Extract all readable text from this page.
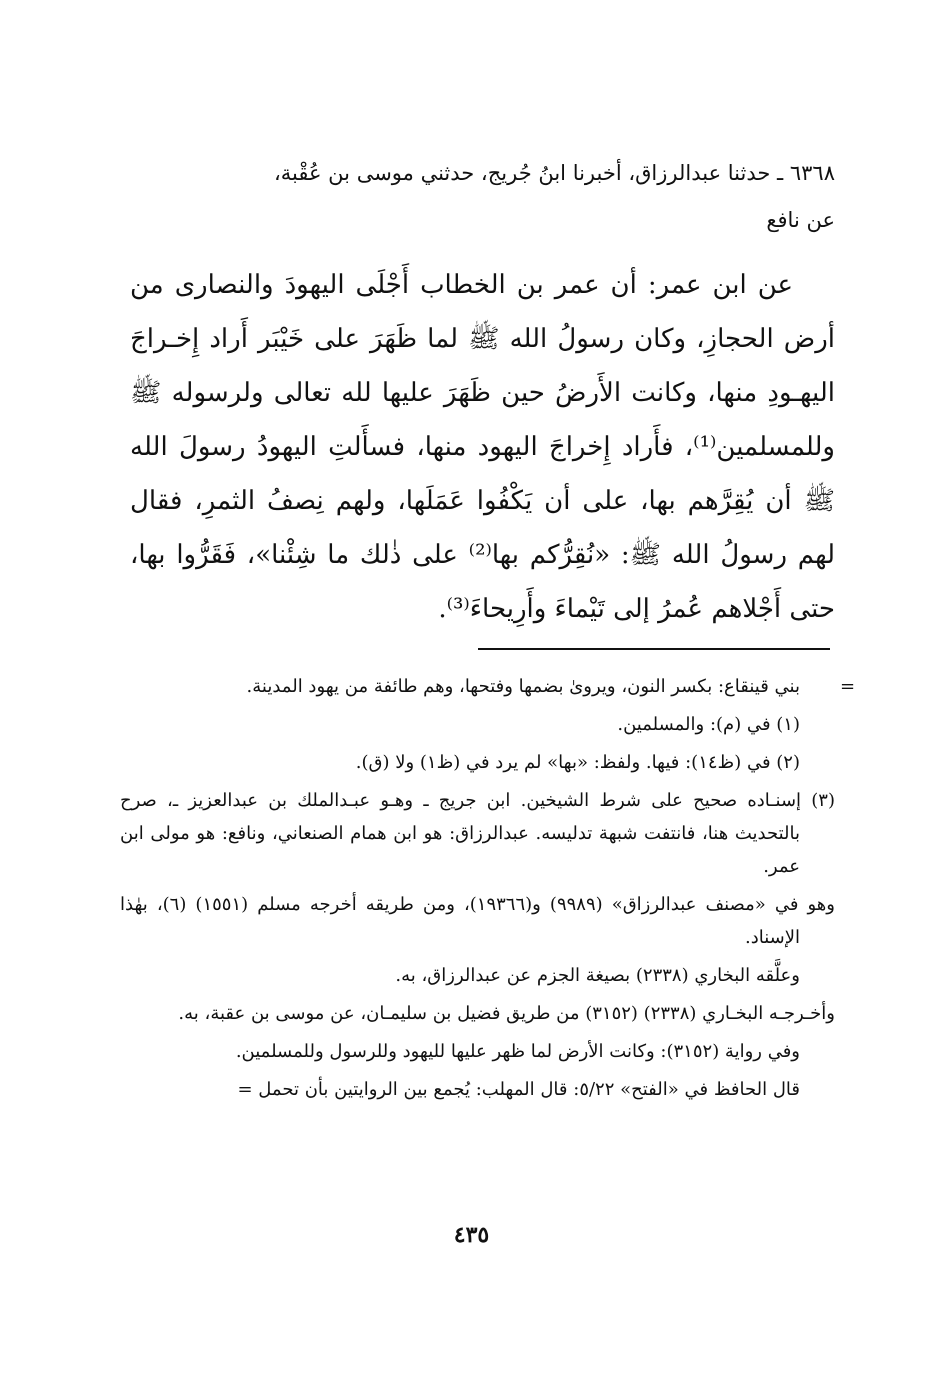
٦٣٦٨ ـ حدثنا عبدالرزاق، أخبرنا ابنُ جُريج، حدثني موسى بن عُقْبة،

عن نافع

عن ابن عمر: أن عمر بن الخطاب أَجْلَى اليهودَ والنصارى من أرض الحجازِ، وكان رسولُ الله ﷺ لما ظَهَرَ على خَيْبَر أَراد إِخـراجَ اليهـودِ منها، وكانت الأَرضُ حين ظَهَرَ عليها لله تعالى ولرسوله ﷺ وللمسلمين⁽¹⁾، فأَراد إِخراجَ اليهود منها، فسأَلتِ اليهودُ رسولَ الله ﷺ أن يُقِرَّهم بها، على أن يَكْفُوا عَمَلَها، ولهم نِصفُ الثمرِ، فقال لهم رسولُ الله ﷺ: «نُقِرُّكم بها⁽²⁾ على ذٰلك ما شِئْنا»، فَقَرُّوا بها، حتى أَجْلاهم عُمرُ إلى تَيْماءَ وأَرِيحاءَ⁽³⁾.

=

بني قينقاع: بكسر النون، ويروىٰ بضمها وفتحها، وهم طائفة من يهود المدينة.

(١) في (م): والمسلمين.

(٢) في (ظ١٤): فيها. ولفظ: «بها» لم يرد في (ظ١) ولا (ق).

(٣) إسنـاده صحيح على شرط الشيخين. ابن جريج ـ وهـو عبـدالملك بن عبدالعزيز ـ، صرح بالتحديث هنا، فانتفت شبهة تدليسه. عبدالرزاق: هو ابن همام الصنعاني، ونافع: هو مولى ابن عمر.

وهو في «مصنف عبدالرزاق» (٩٩٨٩) و(١٩٣٦٦)، ومن طريقه أخرجه مسلم (١٥٥١) (٦)، بهٰذا الإسناد.

وعلَّقه البخاري (٢٣٣٨) بصيغة الجزم عن عبدالرزاق، به.

وأخـرجـه البخـاري (٢٣٣٨) (٣١٥٢) من طريق فضيل بن سليمـان، عن موسى بن عقبة، به.

وفي رواية (٣١٥٢): وكانت الأرض لما ظهر عليها لليهود وللرسول وللمسلمين.

قال الحافظ في «الفتح» ٥/٢٢: قال المهلب: يُجمع بين الروايتين بأن تحمل =

٤٣٥
